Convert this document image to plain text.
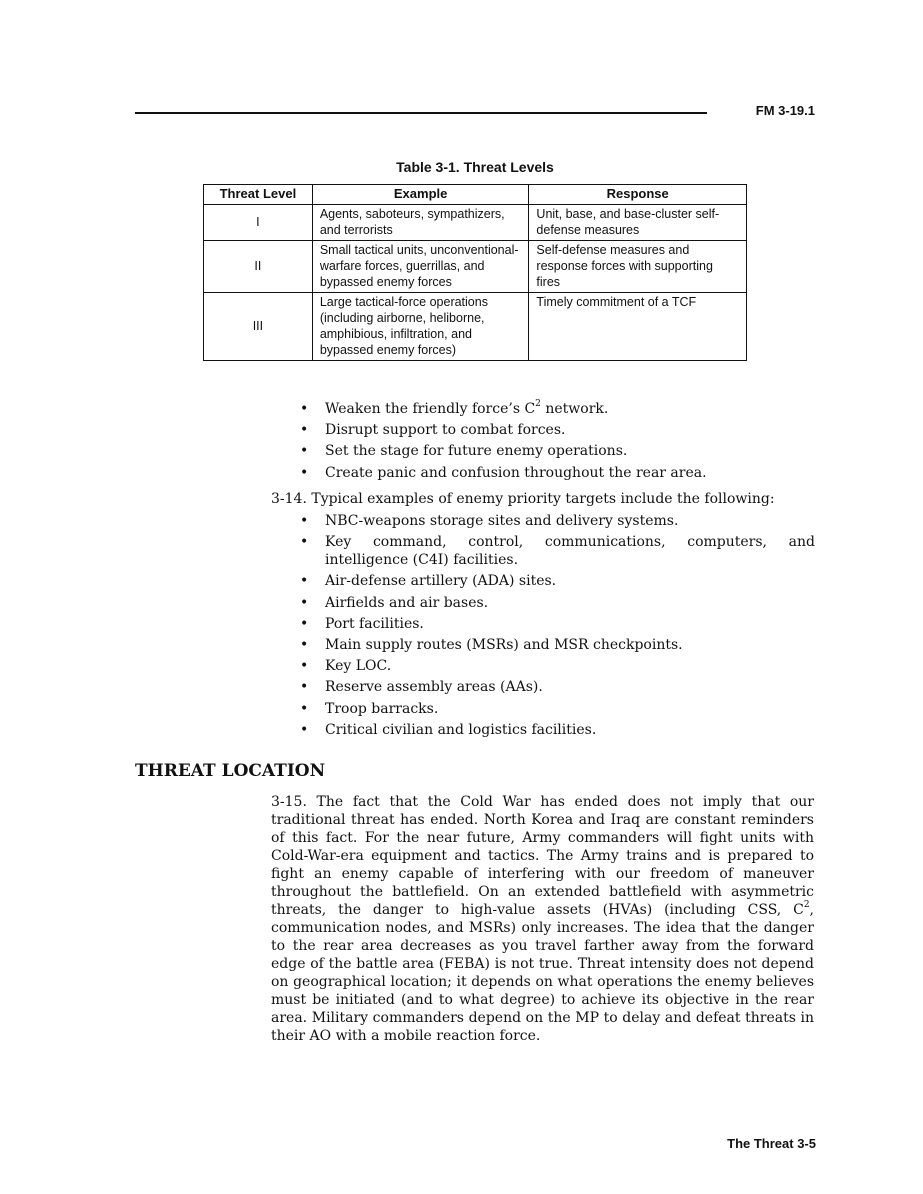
FM 3-19.1
Table 3-1. Threat Levels
Threat Level	Example	Response
I	Agents, saboteurs, sympathizers, and terrorists	Unit, base, and base-cluster self-defense measures
II	Small tactical units, unconventional-warfare forces, guerrillas, and bypassed enemy forces	Self-defense measures and response forces with supporting fires
III	Large tactical-force operations (including airborne, heliborne, amphibious, infiltration, and bypassed enemy forces)	Timely commitment of a TCF
• Weaken the friendly force’s $C^2$ network.
• Disrupt support to combat forces.
• Set the stage for future enemy operations.
• Create panic and confusion throughout the rear area.

3-14. Typical examples of enemy priority targets include the following:

• NBC-weapons storage sites and delivery systems.
• Key command, control, communications, computers, and intelligence (C4I) facilities.
• Air-defense artillery (ADA) sites.
• Airfields and air bases.
• Port facilities.
• Main supply routes (MSRs) and MSR checkpoints.
• Key LOC.
• Reserve assembly areas (AAs).
• Troop barracks.
• Critical civilian and logistics facilities.
THREAT LOCATION

3-15. The fact that the Cold War has ended does not imply that our traditional threat has ended. North Korea and Iraq are constant reminders of this fact. For the near future, Army commanders will fight units with Cold-War-era equipment and tactics. The Army trains and is prepared to fight an enemy capable of interfering with our freedom of maneuver throughout the battlefield. On an extended battlefield with asymmetric threats, the danger to high-value assets (HVAs) (including CSS, $C^2$, communication nodes, and MSRs) only increases. The idea that the danger to the rear area decreases as you travel farther away from the forward edge of the battle area (FEBA) is not true. Threat intensity does not depend on geographical location; it depends on what operations the enemy believes must be initiated (and to what degree) to achieve its objective in the rear area. Military commanders depend on the MP to delay and defeat threats in their AO with a mobile reaction force.

The Threat 3-5
